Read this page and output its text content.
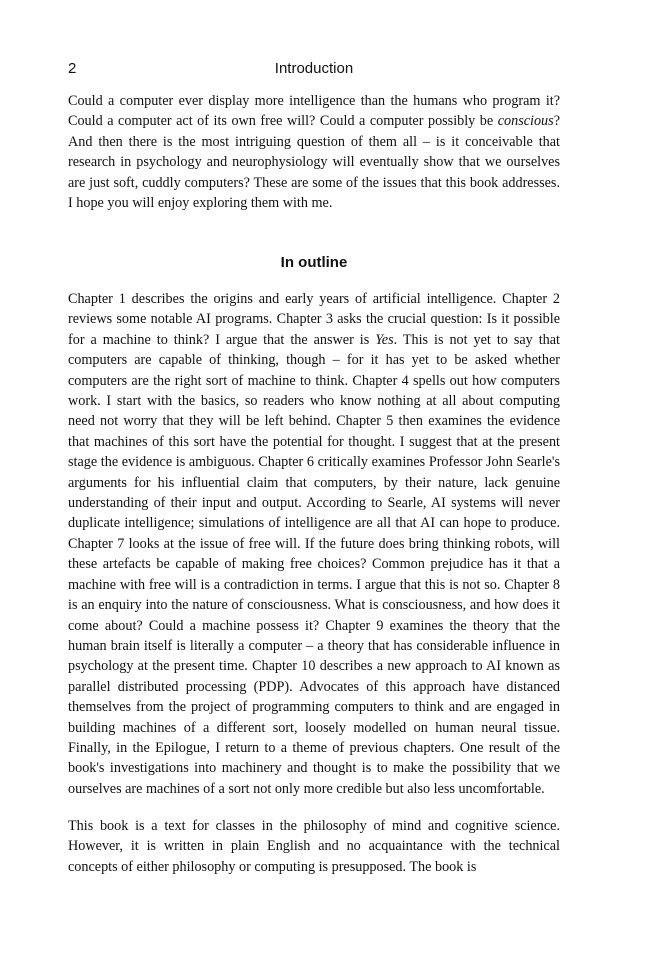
2	Introduction

Could a computer ever display more intelligence than the humans who program it? Could a computer act of its own free will? Could a computer possibly be conscious? And then there is the most intriguing question of them all – is it conceivable that research in psychology and neurophysiology will eventually show that we ourselves are just soft, cuddly computers? These are some of the issues that this book addresses. I hope you will enjoy exploring them with me.

In outline

Chapter 1 describes the origins and early years of artificial intelligence. Chapter 2 reviews some notable AI programs. Chapter 3 asks the crucial question: Is it possible for a machine to think? I argue that the answer is Yes. This is not yet to say that computers are capable of thinking, though – for it has yet to be asked whether computers are the right sort of machine to think. Chapter 4 spells out how computers work. I start with the basics, so readers who know nothing at all about computing need not worry that they will be left behind. Chapter 5 then examines the evidence that machines of this sort have the potential for thought. I suggest that at the present stage the evidence is ambiguous. Chapter 6 critically examines Professor John Searle's arguments for his influential claim that computers, by their nature, lack genuine understanding of their input and output. According to Searle, AI systems will never duplicate intelligence; simulations of intelligence are all that AI can hope to produce. Chapter 7 looks at the issue of free will. If the future does bring thinking robots, will these artefacts be capable of making free choices? Common prejudice has it that a machine with free will is a contradiction in terms. I argue that this is not so. Chapter 8 is an enquiry into the nature of consciousness. What is consciousness, and how does it come about? Could a machine possess it? Chapter 9 examines the theory that the human brain itself is literally a computer – a theory that has considerable influence in psychology at the present time. Chapter 10 describes a new approach to AI known as parallel distributed processing (PDP). Advocates of this approach have distanced themselves from the project of programming computers to think and are engaged in building machines of a different sort, loosely modelled on human neural tissue. Finally, in the Epilogue, I return to a theme of previous chapters. One result of the book's investigations into machinery and thought is to make the possibility that we ourselves are machines of a sort not only more credible but also less uncomfortable.

This book is a text for classes in the philosophy of mind and cognitive science. However, it is written in plain English and no acquaintance with the technical concepts of either philosophy or computing is presupposed. The book is
